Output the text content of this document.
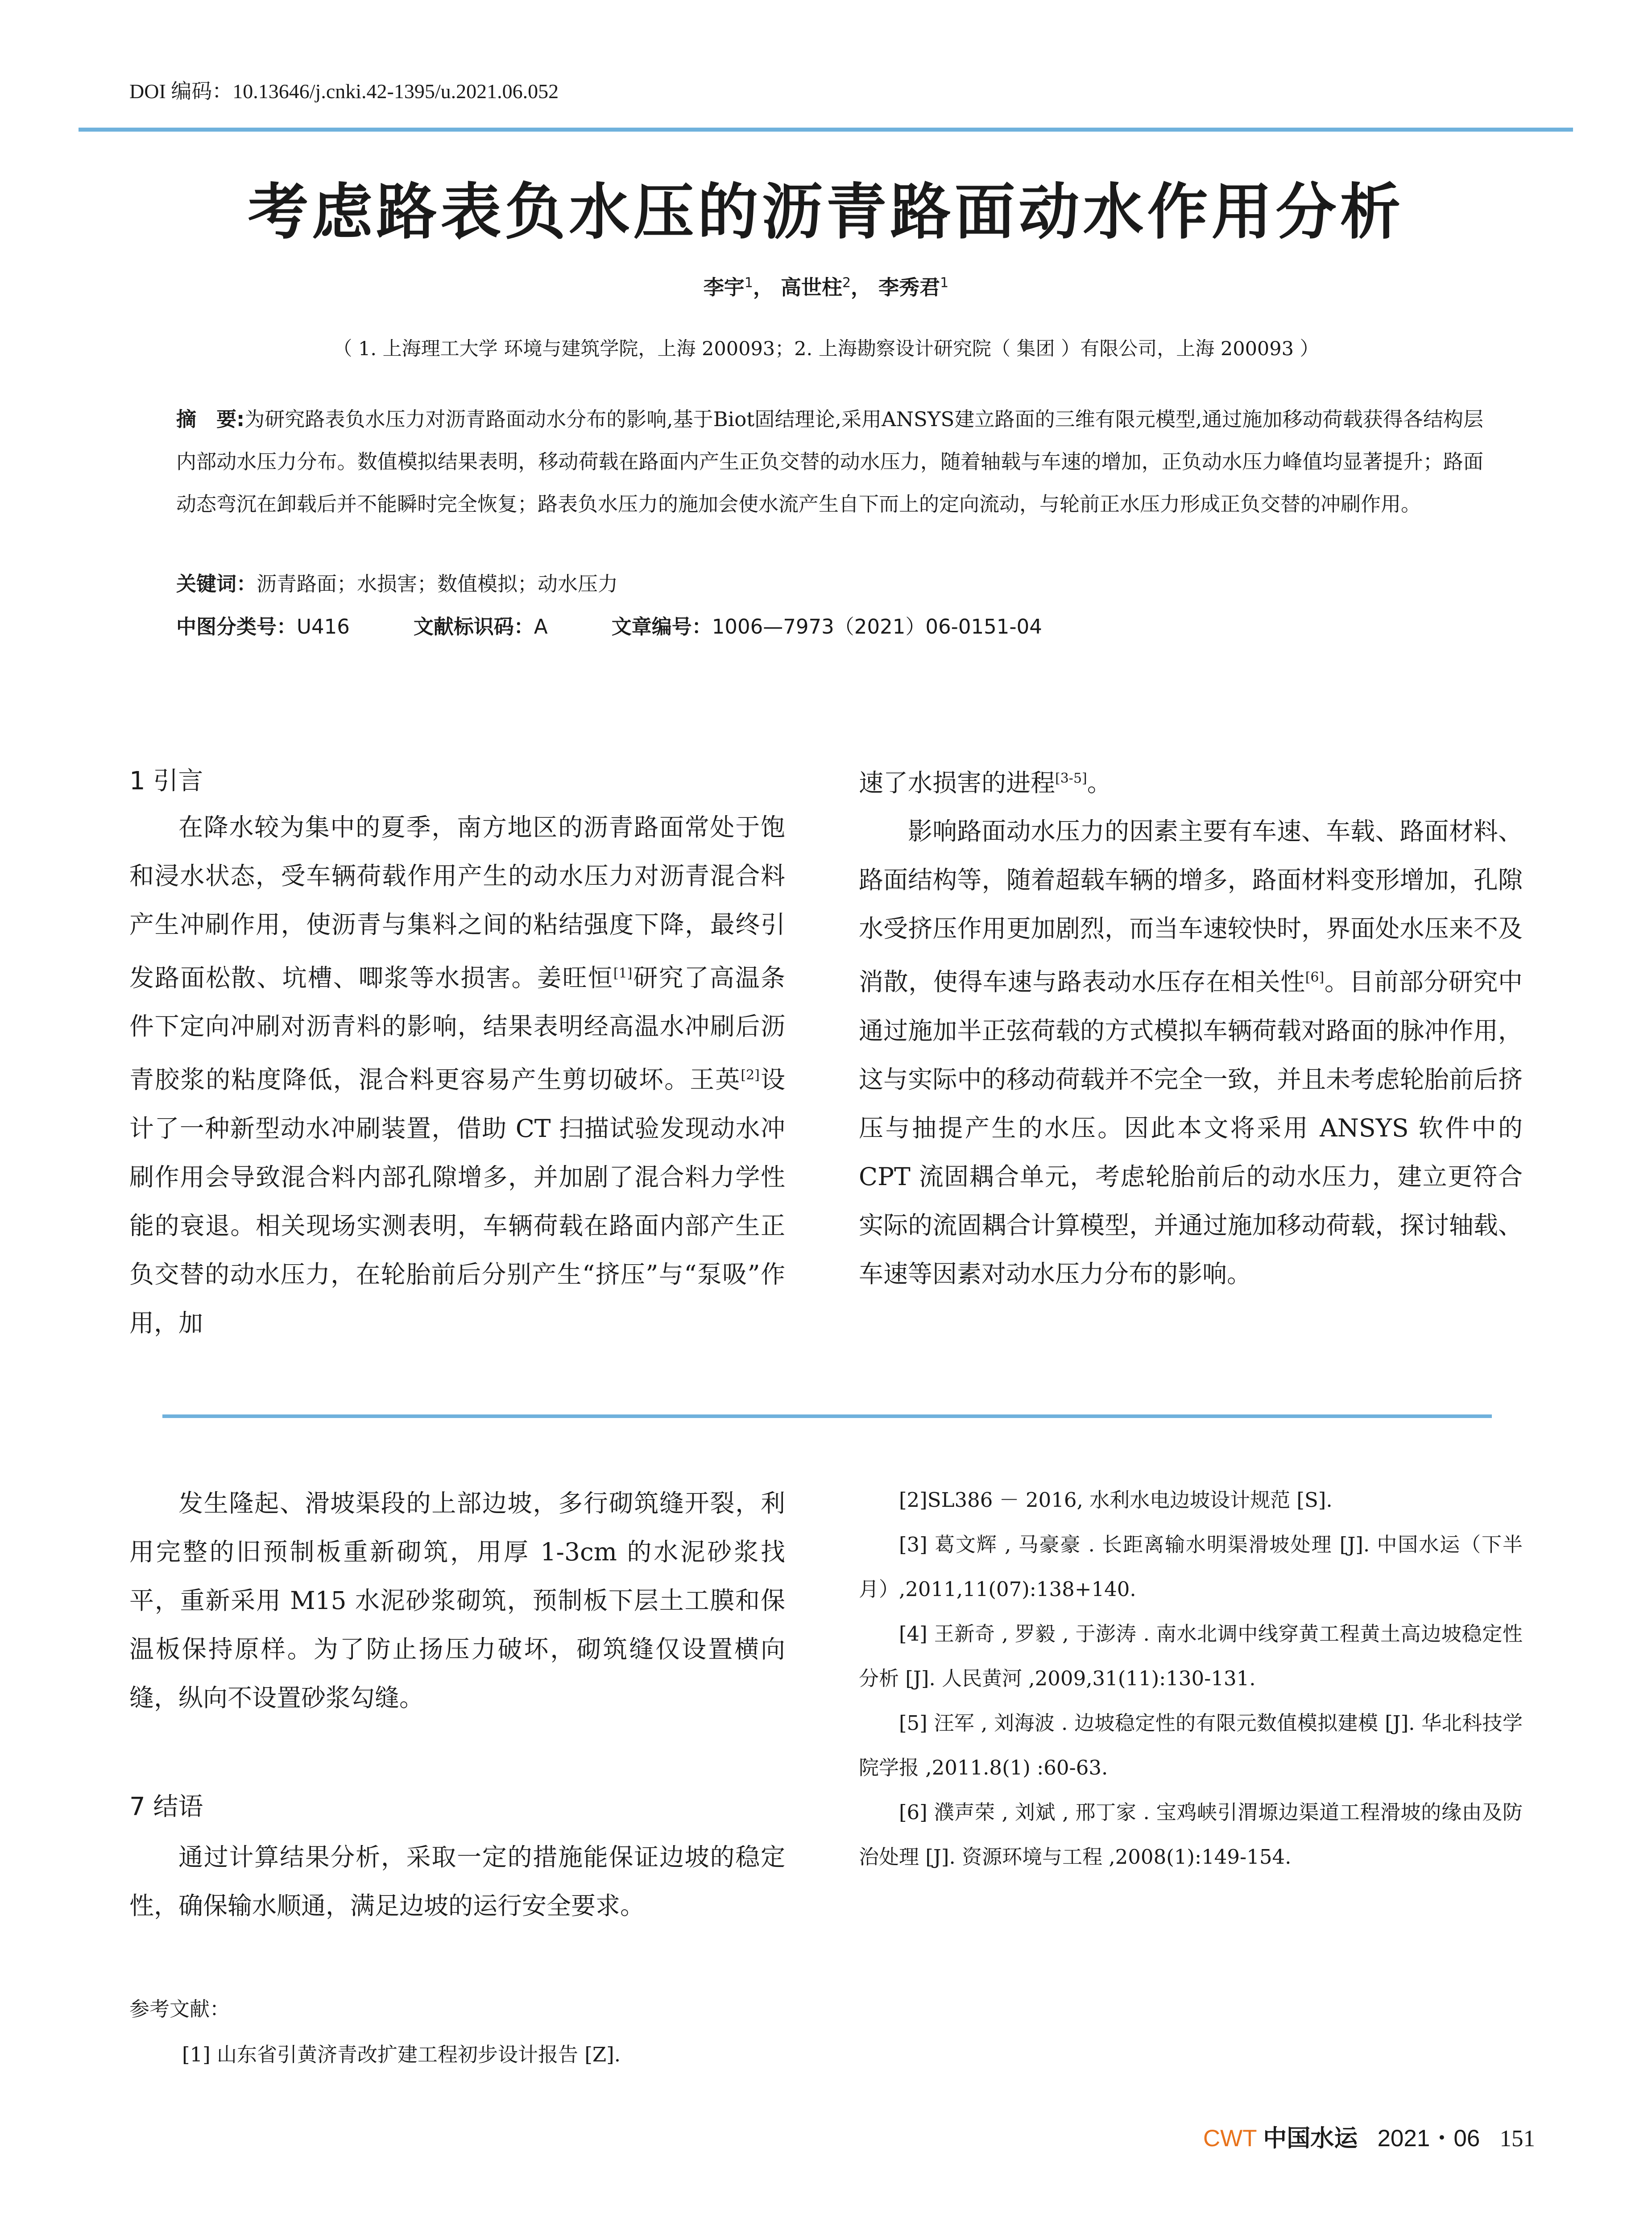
DOI 编码：10.13646/j.cnki.42-1395/u.2021.06.052
考虑路表负水压的沥青路面动水作用分析
李宇$^1$， 高世柱$^2$， 李秀君$^1$
（ 1. 上海理工大学 环境与建筑学院，上海 200093；2. 上海勘察设计研究院（ 集团 ）有限公司，上海 200093 ）
摘　要:为研究路表负水压力对沥青路面动水分布的影响,基于Biot固结理论,采用ANSYS建立路面的三维有限元模型,通过施加移动荷载获得各结构层内部动水压力分布。数值模拟结果表明，移动荷载在路面内产生正负交替的动水压力，随着轴载与车速的增加，正负动水压力峰值均显著提升；路面动态弯沉在卸载后并不能瞬时完全恢复；路表负水压力的施加会使水流产生自下而上的定向流动，与轮前正水压力形成正负交替的冲刷作用。
关键词：沥青路面；水损害；数值模拟；动水压力
中图分类号：U416	文献标识码：A	文章编号：1006—7973（2021）06-0151-04
1 引言

在降水较为集中的夏季，南方地区的沥青路面常处于饱和浸水状态，受车辆荷载作用产生的动水压力对沥青混合料产生冲刷作用，使沥青与集料之间的粘结强度下降，最终引发路面松散、坑槽、唧浆等水损害。姜旺恒[1]研究了高温条件下定向冲刷对沥青料的影响，结果表明经高温水冲刷后沥青胶浆的粘度降低，混合料更容易产生剪切破坏。王英[2]设计了一种新型动水冲刷装置，借助 CT 扫描试验发现动水冲刷作用会导致混合料内部孔隙增多，并加剧了混合料力学性能的衰退。相关现场实测表明，车辆荷载在路面内部产生正负交替的动水压力，在轮胎前后分别产生“挤压”与“泵吸”作用，加

速了水损害的进程[3-5]。

影响路面动水压力的因素主要有车速、车载、路面材料、路面结构等，随着超载车辆的增多，路面材料变形增加，孔隙水受挤压作用更加剧烈，而当车速较快时，界面处水压来不及消散，使得车速与路表动水压存在相关性[6]。目前部分研究中通过施加半正弦荷载的方式模拟车辆荷载对路面的脉冲作用，这与实际中的移动荷载并不完全一致，并且未考虑轮胎前后挤压与抽提产生的水压。因此本文将采用 ANSYS 软件中的 CPT 流固耦合单元，考虑轮胎前后的动水压力，建立更符合实际的流固耦合计算模型，并通过施加移动荷载，探讨轴载、车速等因素对动水压力分布的影响。

发生隆起、滑坡渠段的上部边坡，多行砌筑缝开裂，利用完整的旧预制板重新砌筑，用厚 1-3cm 的水泥砂浆找平，重新采用 M15 水泥砂浆砌筑，预制板下层土工膜和保温板保持原样。为了防止扬压力破坏，砌筑缝仅设置横向缝，纵向不设置砂浆勾缝。

7 结语

通过计算结果分析，采取一定的措施能保证边坡的稳定性，确保输水顺通，满足边坡的运行安全要求。

参考文献：
[1] 山东省引黄济青改扩建工程初步设计报告 [Z].

[2]SL386 － 2016, 水利水电边坡设计规范 [S].

[3] 葛文辉 , 马豪豪 . 长距离输水明渠滑坡处理 [J]. 中国水运（下半月）,2011,11(07):138+140.

[4] 王新奇 , 罗毅 , 于澎涛 . 南水北调中线穿黄工程黄土高边坡稳定性分析 [J]. 人民黄河 ,2009,31(11):130-131.

[5] 汪军 , 刘海波 . 边坡稳定性的有限元数值模拟建模 [J]. 华北科技学院学报 ,2011.8(1) :60-63.

[6] 濮声荣 , 刘斌 , 邢丁家 . 宝鸡峡引渭塬边渠道工程滑坡的缘由及防治处理 [J]. 资源环境与工程 ,2008(1):149-154.

CWT 中国水运 2021・06 151
